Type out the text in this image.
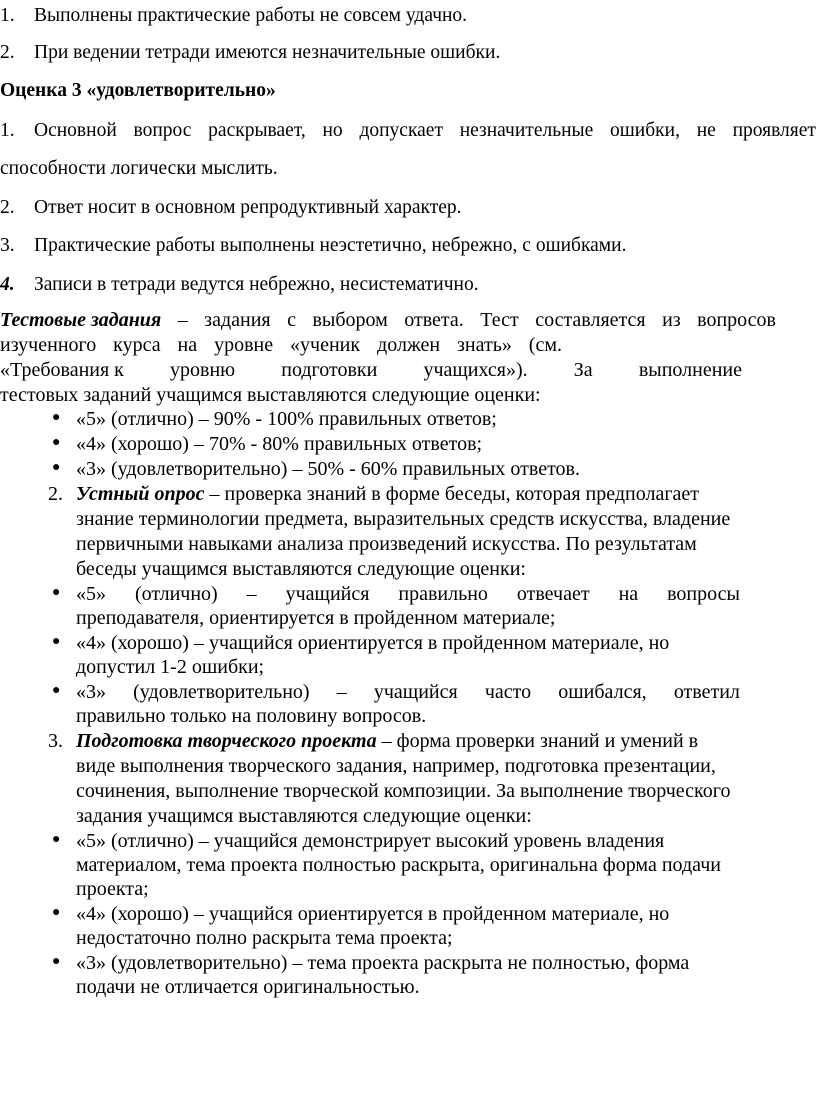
1. Выполнены практические работы не совсем удачно.
2. При ведении тетради имеются незначительные ошибки.
Оценка 3 «удовлетворительно»
1. Основной вопрос раскрывает, но допускает незначительные ошибки, не проявляет
способности логически мыслить.
2. Ответ носит в основном репродуктивный характер.
3. Практические работы выполнены неэстетично, небрежно, с ошибками.
4. Записи в тетради ведутся небрежно, несистематично.
Тестовые задания – задания с выбором ответа. Тест составляется из вопросов
изученного курса на уровне «ученик должен знать» (см.
«Требования к уровню подготовки учащихся»). За выполнение
тестовых заданий учащимся выставляются следующие оценки:
● «5» (отлично) – 90% - 100% правильных ответов;
● «4» (хорошо) – 70% - 80% правильных ответов;
● «3» (удовлетворительно) – 50% - 60% правильных ответов.
2. Устный опрос – проверка знаний в форме беседы, которая предполагает
знание терминологии предмета, выразительных средств искусства, владение
первичными навыками анализа произведений искусства. По результатам
беседы учащимся выставляются следующие оценки:
● «5» (отлично) – учащийся правильно отвечает на вопросы
преподавателя, ориентируется в пройденном материале;
● «4» (хорошо) – учащийся ориентируется в пройденном материале, но
допустил 1-2 ошибки;
● «3» (удовлетворительно) – учащийся часто ошибался, ответил
правильно только на половину вопросов.
3. Подготовка творческого проекта – форма проверки знаний и умений в
виде выполнения творческого задания, например, подготовка презентации,
сочинения, выполнение творческой композиции. За выполнение творческого
задания учащимся выставляются следующие оценки:
● «5» (отлично) – учащийся демонстрирует высокий уровень владения
материалом, тема проекта полностью раскрыта, оригинальна форма подачи
проекта;
● «4» (хорошо) – учащийся ориентируется в пройденном материале, но
недостаточно полно раскрыта тема проекта;
● «3» (удовлетворительно) – тема проекта раскрыта не полностью, форма
подачи не отличается оригинальностью.
